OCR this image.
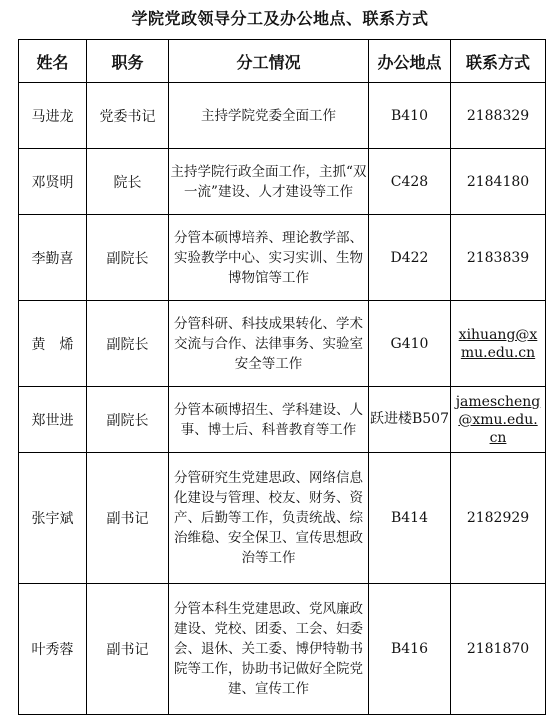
学院党政领导分工及办公地点、联系方式
姓名	职务	分工情况	办公地点	联系方式
马进龙	党委书记	主持学院党委全面工作	B410	2188329
邓贤明	院长	主持学院行政全面工作，主抓“双一流”建设、人才建设等工作	C428	2184180
李勤喜	副院长	分管本硕博培养、理论教学部、实验教学中心、实习实训、生物博物馆等工作	D422	2183839
黄　烯	副院长	分管科研、科技成果转化、学术交流与合作、法律事务、实验室安全等工作	G410	xihuang@xmu.edu.cn
郑世进	副院长	分管本硕博招生、学科建设、人事、博士后、科普教育等工作	跃进楼B507	jamescheng@xmu.edu.cn
张宇斌	副书记	分管研究生党建思政、网络信息化建设与管理、校友、财务、资产、后勤等工作，负责统战、综治维稳、安全保卫、宣传思想政治等工作	B414	2182929
叶秀蓉	副书记	分管本科生党建思政、党风廉政建设、党校、团委、工会、妇委会、退休、关工委、博伊特勒书院等工作，协助书记做好全院党建、宣传工作	B416	2181870
